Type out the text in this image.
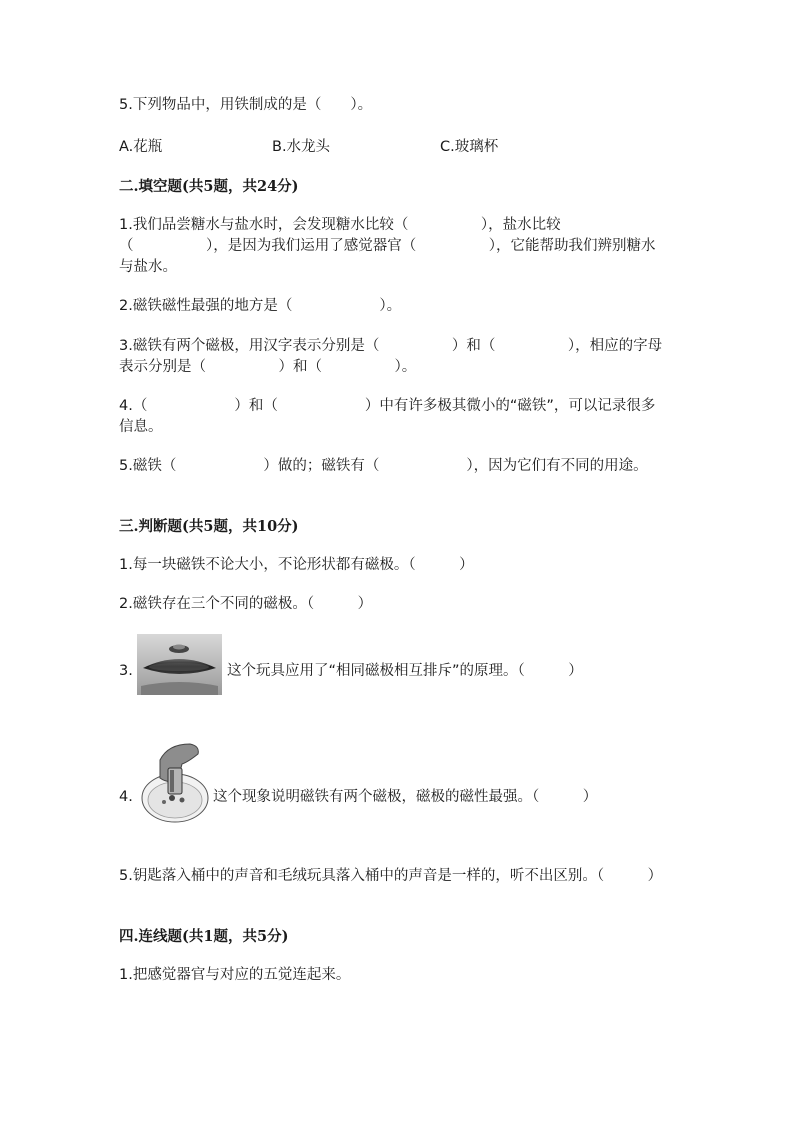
5.下列物品中，用铁制成的是（　　）。
A.花瓶	B.水龙头	C.玻璃杯
二.填空题(共5题，共24分)
1.我们品尝糖水与盐水时，会发现糖水比较（　　　　　），盐水比较（　　　　　），是因为我们运用了感觉器官（　　　　　），它能帮助我们辨别糖水与盐水。
2.磁铁磁性最强的地方是（　　　　　　）。
3.磁铁有两个磁极，用汉字表示分别是（　　　　　）和（　　　　　），相应的字母表示分别是（　　　　　）和（　　　　　）。
4.（　　　　　　）和（　　　　　　）中有许多极其微小的“磁铁”，可以记录很多信息。
5.磁铁（　　　　　　）做的；磁铁有（　　　　　　），因为它们有不同的用途。
三.判断题(共5题，共10分)
1.每一块磁铁不论大小，不论形状都有磁极。（　　　）
2.磁铁存在三个不同的磁极。（　　　）
3.	这个玩具应用了“相同磁极相互排斥”的原理。（　　　）
4.	这个现象说明磁铁有两个磁极，磁极的磁性最强。（　　　）
5.钥匙落入桶中的声音和毛绒玩具落入桶中的声音是一样的，听不出区别。（　　　）
四.连线题(共1题，共5分)
1.把感觉器官与对应的五觉连起来。
